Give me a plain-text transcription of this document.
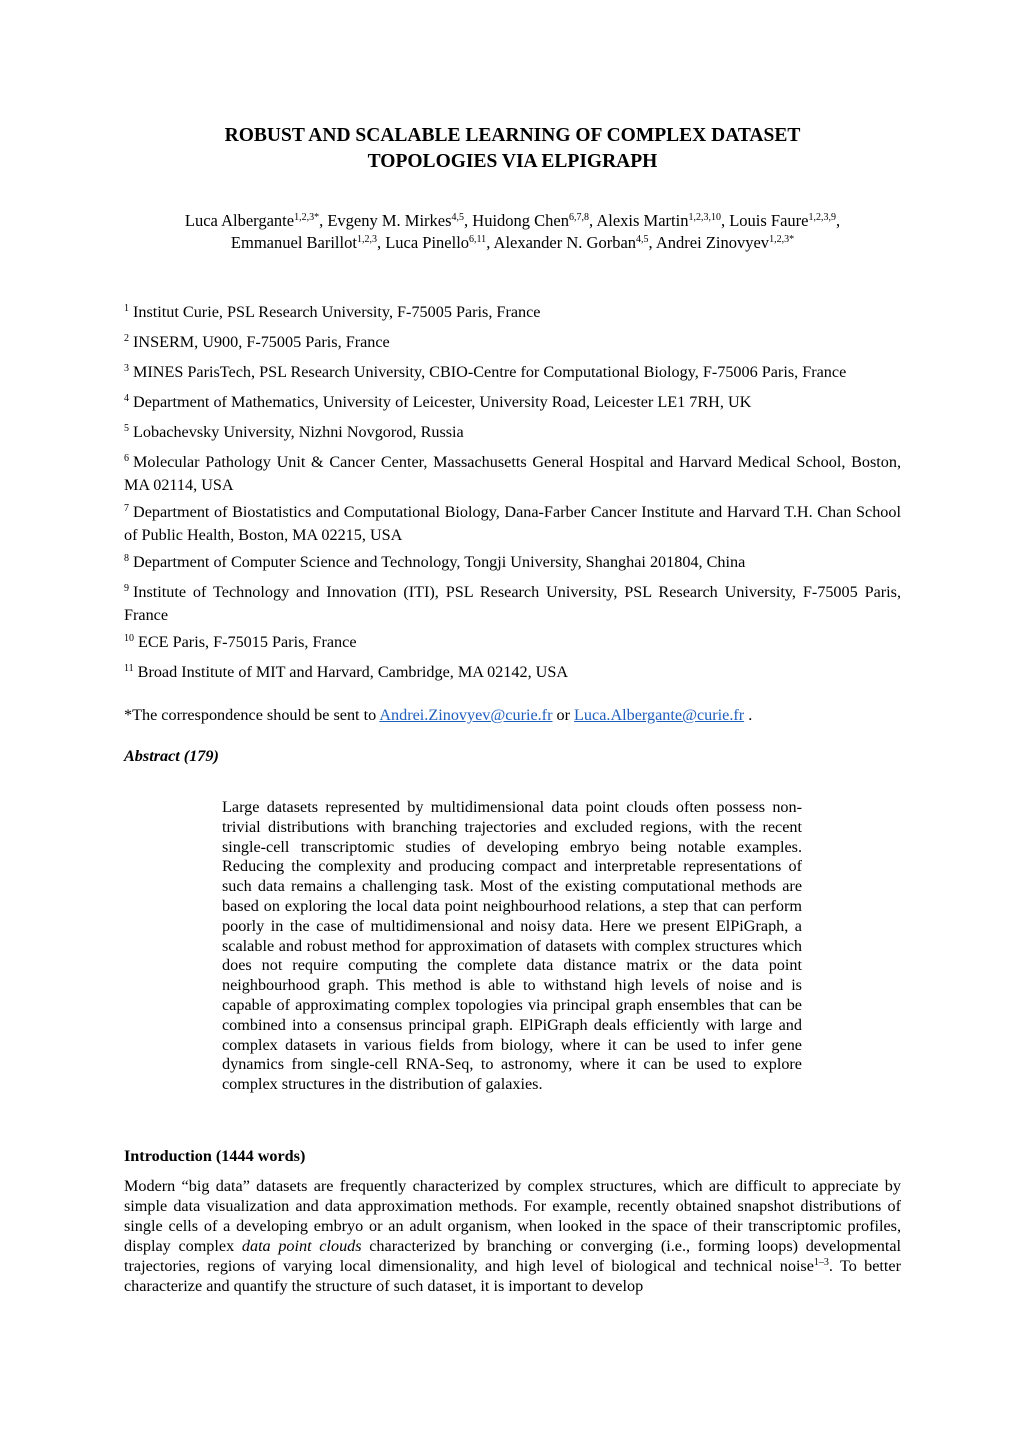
ROBUST AND SCALABLE LEARNING OF COMPLEX DATASET
TOPOLOGIES VIA ELPIGRAPH
Luca Albergante$^{1,2,3*}$, Evgeny M. Mirkes$^{4,5}$, Huidong Chen$^{6,7,8}$, Alexis Martin$^{1,2,3,10}$, Louis Faure$^{1,2,3,9}$,
Emmanuel Barillot$^{1,2,3}$, Luca Pinello$^{6,11}$, Alexander N. Gorban$^{4,5}$, Andrei Zinovyev$^{1,2,3*}$
$^1$ Institut Curie, PSL Research University, F-75005 Paris, France
$^2$ INSERM, U900, F-75005 Paris, France
$^3$ MINES ParisTech, PSL Research University, CBIO-Centre for Computational Biology, F-75006 Paris, France
$^4$ Department of Mathematics, University of Leicester, University Road, Leicester LE1 7RH, UK
$^5$ Lobachevsky University, Nizhni Novgorod, Russia
$^6$ Molecular Pathology Unit & Cancer Center, Massachusetts General Hospital and Harvard Medical School, Boston, MA 02114, USA
$^7$ Department of Biostatistics and Computational Biology, Dana-Farber Cancer Institute and Harvard T.H. Chan School of Public Health, Boston, MA 02215, USA
$^8$ Department of Computer Science and Technology, Tongji University, Shanghai 201804, China
$^9$ Institute of Technology and Innovation (ITI), PSL Research University, PSL Research University, F-75005 Paris, France
$^{10}$ ECE Paris, F-75015 Paris, France
$^{11}$ Broad Institute of MIT and Harvard, Cambridge, MA 02142, USA
*The correspondence should be sent to Andrei.Zinovyev@curie.fr or Luca.Albergante@curie.fr .
Abstract (179)
Large datasets represented by multidimensional data point clouds often possess non-trivial distributions with branching trajectories and excluded regions, with the recent single-cell transcriptomic studies of developing embryo being notable examples. Reducing the complexity and producing compact and interpretable representations of such data remains a challenging task. Most of the existing computational methods are based on exploring the local data point neighbourhood relations, a step that can perform poorly in the case of multidimensional and noisy data. Here we present ElPiGraph, a scalable and robust method for approximation of datasets with complex structures which does not require computing the complete data distance matrix or the data point neighbourhood graph. This method is able to withstand high levels of noise and is capable of approximating complex topologies via principal graph ensembles that can be combined into a consensus principal graph. ElPiGraph deals efficiently with large and complex datasets in various fields from biology, where it can be used to infer gene dynamics from single-cell RNA-Seq, to astronomy, where it can be used to explore complex structures in the distribution of galaxies.
Introduction (1444 words)
Modern “big data” datasets are frequently characterized by complex structures, which are difficult to appreciate by simple data visualization and data approximation methods. For example, recently obtained snapshot distributions of single cells of a developing embryo or an adult organism, when looked in the space of their transcriptomic profiles, display complex data point clouds characterized by branching or converging (i.e., forming loops) developmental trajectories, regions of varying local dimensionality, and high level of biological and technical noise$^{1-3}$. To better characterize and quantify the structure of such dataset, it is important to develop
